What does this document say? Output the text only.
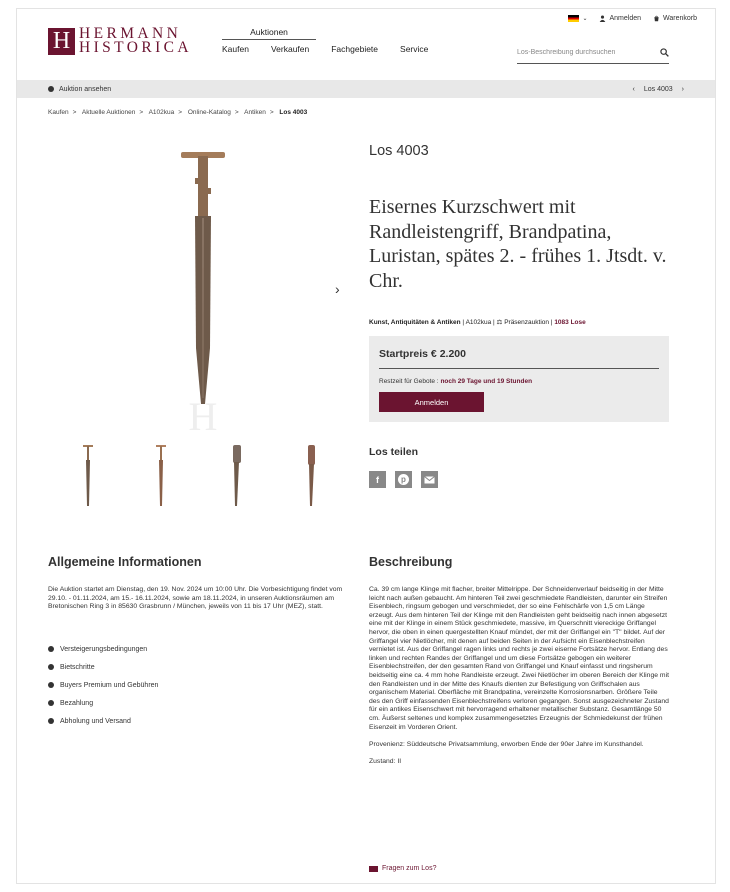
H HERMANN
HISTORICA
⌄	Anmelden	Warenkorb
Auktionen
Kaufen	Verkaufen	Fachgebiete	Service
Los-Beschreibung durchsuchen
Auktion ansehen	‹ Los 4003 ›
Kaufen > Aktuelle Auktionen > A102kua > Online-Katalog > Antiken > Los 4003
H
›
Los 4003
Eisernes Kurzschwert mit Randleistengriff, Brandpatina, Luristan, spätes 2. - frühes 1. Jtsdt. v. Chr.
Kunst, Antiquitäten & Antiken | A102kua | ⚖ Präsenzauktion | 1083 Lose
Startpreis € 2.200
Restzeit für Gebote : noch 29 Tage und 19 Stunden
Anmelden
Los teilen
f	p
Allgemeine Informationen
Die Auktion startet am Dienstag, den 19. Nov. 2024 um 10:00 Uhr. Die Vorbesichtigung findet vom 29.10. - 01.11.2024, am 15.- 16.11.2024, sowie am 18.11.2024, in unseren Auktionsräumen am Bretonischen Ring 3 in 85630 Grasbrunn / München, jeweils von 11 bis 17 Uhr (MEZ), statt.
Versteigerungsbedingungen
Bietschritte
Buyers Premium und Gebühren
Bezahlung
Abholung und Versand
Beschreibung

Ca. 39 cm lange Klinge mit flacher, breiter Mittelrippe. Der Schneidenverlauf beidseitig in der Mitte leicht nach außen gebaucht. Am hinteren Teil zwei geschmiedete Randleisten, darunter ein Streifen Eisenblech, ringsum gebogen und verschmiedet, der so eine Fehlschärfe von 1,5 cm Länge erzeugt. Aus dem hinteren Teil der Klinge mit den Randleisten geht beidseitig nach innen abgesetzt eine mit der Klinge in einem Stück geschmiedete, massive, im Querschnitt viereckige Griffangel hervor, die oben in einen quergestellten Knauf mündet, der mit der Griffangel ein "T" bildet. Auf der Griffangel vier Nietlöcher, mit denen auf beiden Seiten in der Aufsicht ein Eisenblechstreifen vernietet ist. Aus der Griffangel ragen links und rechts je zwei eiserne Fortsätze hervor. Entlang des linken und rechten Randes der Griffangel und um diese Fortsätze gebogen ein weiterer Eisenblechstreifen, der den gesamten Rand von Griffangel und Knauf einfasst und ringsherum beidseitig eine ca. 4 mm hohe Randleiste erzeugt. Zwei Nietlöcher im oberen Bereich der Klinge mit den Randleisten und in der Mitte des Knaufs dienten zur Befestigung von Griffschalen aus organischem Material. Oberfläche mit Brandpatina, vereinzelte Korrosionsnarben. Größere Teile des den Griff einfassenden Eisenblechstreifens verloren gegangen. Sonst ausgezeichneter Zustand für ein antikes Eisenschwert mit hervorragend erhaltener metallischer Substanz. Gesamtlänge 50 cm. Äußerst seltenes und komplex zusammengesetztes Erzeugnis der Schmiedekunst der frühen Eisenzeit im Vorderen Orient.

Provenienz: Süddeutsche Privatsammlung, erworben Ende der 90er Jahre im Kunsthandel.

Zustand: II

Fragen zum Los?
